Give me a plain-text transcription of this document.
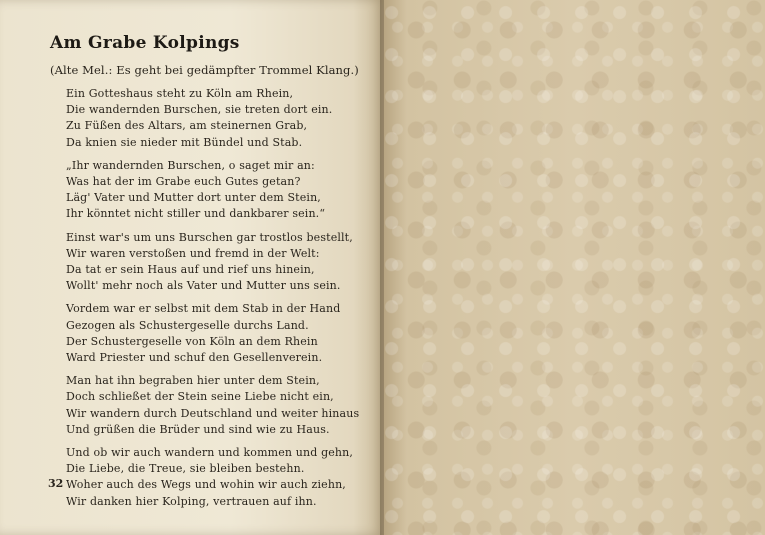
Am Grabe Kolpings
(Alte Mel.: Es geht bei gedämpfter Trommel Klang.)
Ein Gotteshaus steht zu Köln am Rhein,
Die wandernden Burschen, sie treten dort ein.
Zu Füßen des Altars, am steinernen Grab,
Da knien sie nieder mit Bündel und Stab.
„Ihr wandernden Burschen, o saget mir an:
Was hat der im Grabe euch Gutes getan?
Läg' Vater und Mutter dort unter dem Stein,
Ihr könntet nicht stiller und dankbarer sein.“
Einst war's um uns Burschen gar trostlos bestellt,
Wir waren verstoßen und fremd in der Welt:
Da tat er sein Haus auf und rief uns hinein,
Wollt' mehr noch als Vater und Mutter uns sein.
Vordem war er selbst mit dem Stab in der Hand
Gezogen als Schustergeselle durchs Land.
Der Schustergeselle von Köln an dem Rhein
Ward Priester und schuf den Gesellenverein.
Man hat ihn begraben hier unter dem Stein,
Doch schließet der Stein seine Liebe nicht ein,
Wir wandern durch Deutschland und weiter hinaus
Und grüßen die Brüder und sind wie zu Haus.
Und ob wir auch wandern und kommen und gehn,
Die Liebe, die Treue, sie bleiben bestehn.
Woher auch des Wegs und wohin wir auch ziehn,
Wir danken hier Kolping, vertrauen auf ihn.
32
